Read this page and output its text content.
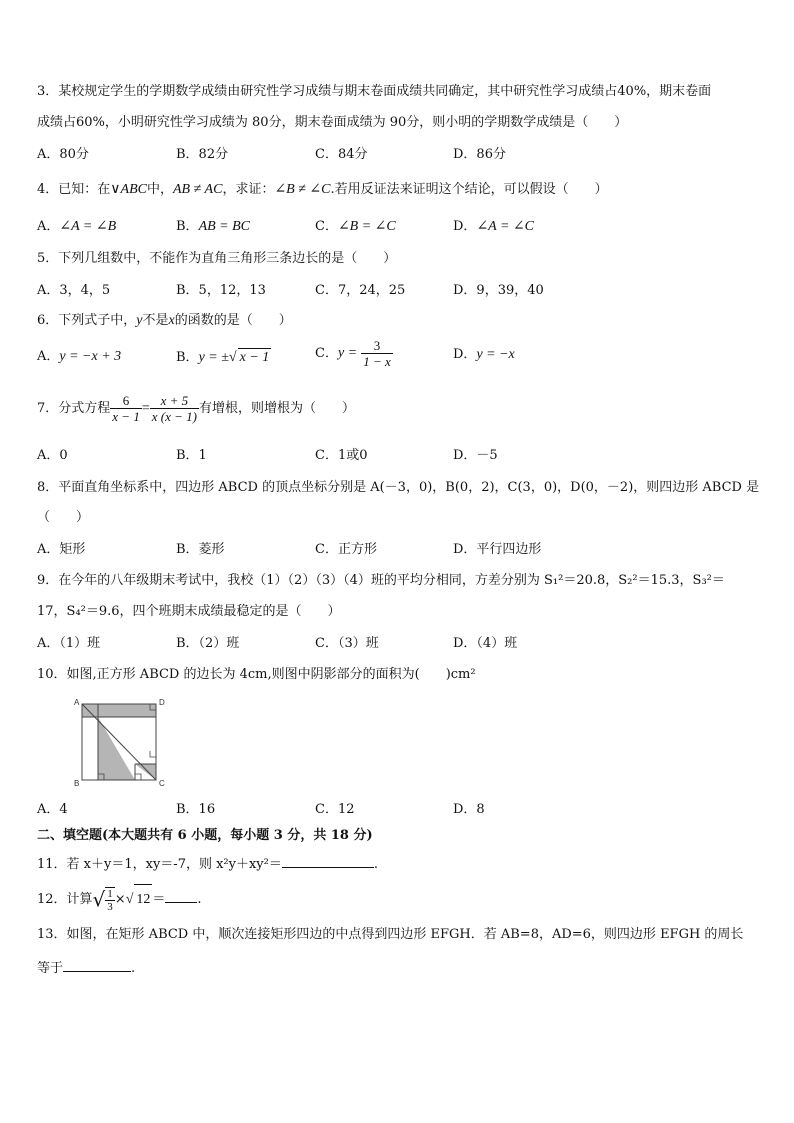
3．某校规定学生的学期数学成绩由研究性学习成绩与期末卷面成绩共同确定，其中研究性学习成绩占40%，期末卷面
成绩占60%，小明研究性学习成绩为 80分，期末卷面成绩为 90分，则小明的学期数学成绩是（　　）
A．80分	B．82分	C．84分	D．86分
4．已知：在∨ABC中，AB ≠ AC，求证：∠B ≠ ∠C.若用反证法来证明这个结论，可以假设（　　）
A．∠A = ∠B	B．AB = BC	C．∠B = ∠C	D．∠A = ∠C
5．下列几组数中，不能作为直角三角形三条边长的是（　　）
A．3，4，5	B．5，12，13	C．7，24，25	D．9，39，40
6．下列式子中，y不是x的函数的是（　　）
A．y = −x + 3	B．y = ±√ x − 1	C．$y = \frac{3}{1 - x}$	D．y = −x
7．分式方程 $\frac{6}{x - 1} = \frac{x + 5}{x (x - 1)}$ 有增根，则增根为（　　）
A．0	B．1	C．1或0	D．－5
8．平面直角坐标系中，四边形 ABCD 的顶点坐标分别是 A(－3，0)，B(0，2)，C(3，0)，D(0，－2)，则四边形 ABCD 是
（　　）
A．矩形	B．菱形	C．正方形	D．平行四边形
9．在今年的八年级期末考试中，我校（1）（2）（3）（4）班的平均分相同，方差分别为 S₁²＝20.8，S₂²＝15.3，S₃²＝
17，S₄²＝9.6，四个班期末成绩最稳定的是（　　）
A．（1）班	B．（2）班	C．（3）班	D．（4）班
10．如图,正方形 ABCD 的边长为 4cm,则图中阴影部分的面积为(　　)cm²
A	D
B	C
A．4	B．16	C．12	D．8
二、填空题(本大题共有 6 小题，每小题 3 分，共 18 分)
11．若 x＋y＝1，xy＝-7，则 x²y＋xy²＝	.
12．计算√ $\frac{1}{3}$ ×√ 12 ＝ .
13．如图，在矩形 ABCD 中，顺次连接矩形四边的中点得到四边形 EFGH．若 AB=8，AD=6，则四边形 EFGH 的周长
等于	.
